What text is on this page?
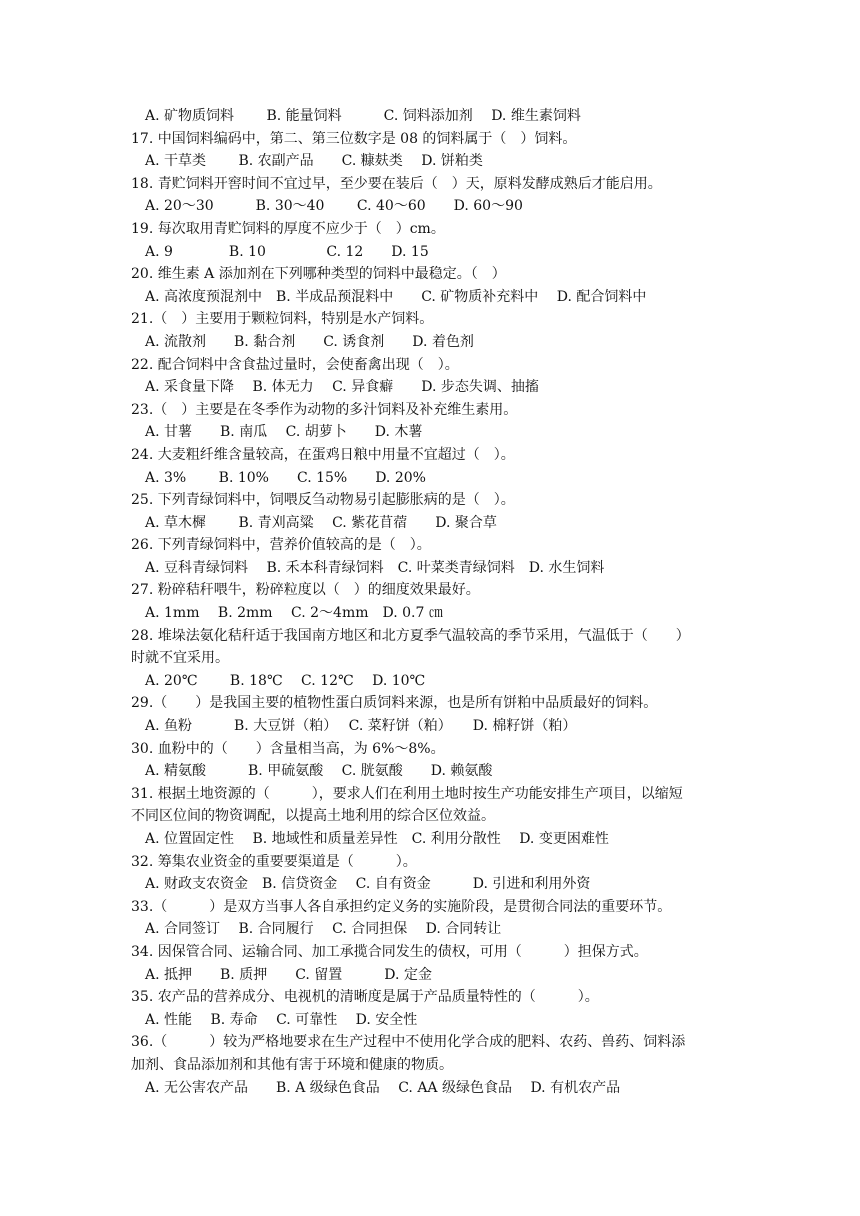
A. 矿物质饲料　　 B. 能量饲料　　　C. 饲料添加剂　 D. 维生素饲料
17. 中国饲料编码中，第二、第三位数字是 08 的饲料属于（　）饲料。
A. 干草类　　 B. 农副产品　　C. 糠麸类　 D. 饼粕类
18. 青贮饲料开窖时间不宜过早，至少要在装后（　）天，原料发酵成熟后才能启用。
A. 20～30　　　B. 30～40　　 C. 40～60　　D. 60～90
19. 每次取用青贮饲料的厚度不应少于（　）cm。
A. 9　　　　B. 10　　　　 C. 12　　D. 15
20. 维生素 A 添加剂在下列哪种类型的饲料中最稳定。（　）
A. 高浓度预混剂中　B. 半成品预混料中　　C. 矿物质补充料中　 D. 配合饲料中
21.（　）主要用于颗粒饲料，特别是水产饲料。
A. 流散剂　　B. 黏合剂　　C. 诱食剂　　D. 着色剂
22. 配合饲料中含食盐过量时，会使畜禽出现（　）。
A. 采食量下降　 B. 体无力　 C. 异食癖　　D. 步态失调、抽搐
23.（　）主要是在冬季作为动物的多汁饲料及补充维生素用。
A. 甘薯　　B. 南瓜　 C. 胡萝卜　　D. 木薯
24. 大麦粗纤维含量较高，在蛋鸡日粮中用量不宜超过（　）。
A. 3%　　 B. 10%　　C. 15%　　D. 20%
25. 下列青绿饲料中，饲喂反刍动物易引起膨胀病的是（　）。
A. 草木樨　　 B. 青刈高粱　 C. 紫花苜蓿　　D. 聚合草
26. 下列青绿饲料中，营养价值较高的是（　）。
A. 豆科青绿饲料　 B. 禾本科青绿饲料　C. 叶菜类青绿饲料　D. 水生饲料
27. 粉碎秸秆喂牛，粉碎粒度以（　）的细度效果最好。
A. 1mm　 B. 2mm　 C. 2～4mm　D. 0.7 ㎝
28. 堆垛法氨化秸秆适于我国南方地区和北方夏季气温较高的季节采用，气温低于（　　）
时就不宜采用。
A. 20℃　　 B. 18℃　 C. 12℃　 D. 10℃
29.（　　）是我国主要的植物性蛋白质饲料来源，也是所有饼粕中品质最好的饲料。
A. 鱼粉　　　B. 大豆饼（粕）　 C. 菜籽饼（粕）　　D. 棉籽饼（粕）
30. 血粉中的（　　）含量相当高，为 6%～8%。
A. 精氨酸　　　B. 甲硫氨酸　 C. 胱氨酸　　D. 赖氨酸
31. 根据土地资源的（　　　），要求人们在利用土地时按生产功能安排生产项目，以缩短
不同区位间的物资调配，以提高土地利用的综合区位效益。
A. 位置固定性　 B. 地域性和质量差异性　C. 利用分散性　 D. 变更困难性
32. 筹集农业资金的重要要渠道是（　　　）。
A. 财政支农资金　B. 信贷资金　 C. 自有资金　　　D. 引进和利用外资
33.（　　　）是双方当事人各自承担约定义务的实施阶段，是贯彻合同法的重要环节。
A. 合同签订　 B. 合同履行　 C. 合同担保　 D. 合同转让
34. 因保管合同、运输合同、加工承揽合同发生的债权，可用（　　　）担保方式。
A. 抵押　　B. 质押　　C. 留置　　　D. 定金
35. 农产品的营养成分、电视机的清晰度是属于产品质量特性的（　　　）。
A. 性能　 B. 寿命　 C. 可靠性　 D. 安全性
36.（　　　）较为严格地要求在生产过程中不使用化学合成的肥料、农药、兽药、饲料添
加剂、食品添加剂和其他有害于环境和健康的物质。
A. 无公害农产品　　B. A 级绿色食品　 C. AA 级绿色食品　 D. 有机农产品
